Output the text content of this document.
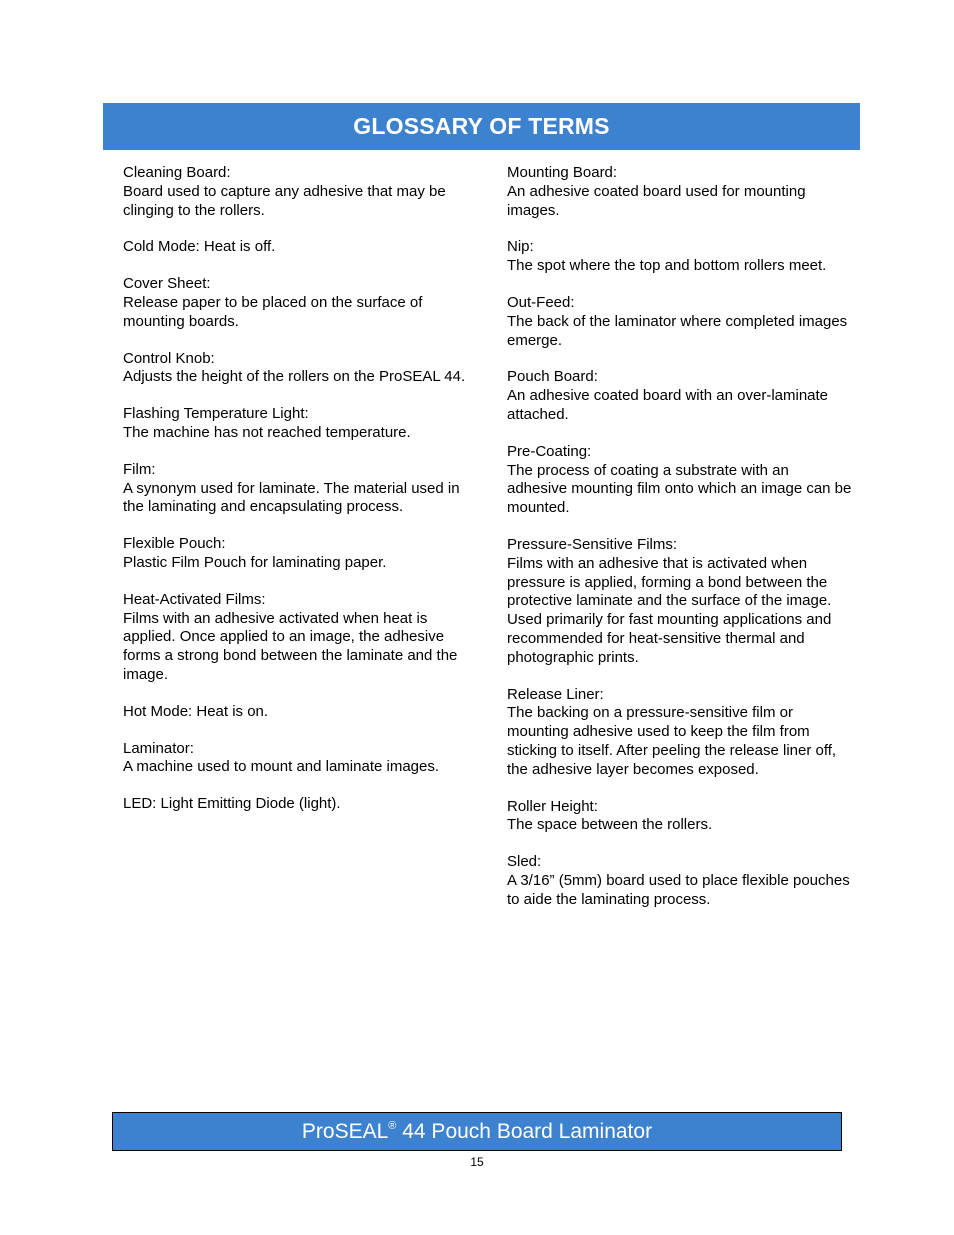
GLOSSARY OF TERMS
Cleaning Board:
Board used to capture any adhesive that may be clinging to the rollers.
Cold Mode: Heat is off.
Cover Sheet:
Release paper to be placed on the surface of mounting boards.
Control Knob:
Adjusts the height of the rollers on the ProSEAL 44.
Flashing Temperature Light:
The machine has not reached temperature.
Film:
A synonym used for laminate. The material used in the laminating and encapsulating process.
Flexible Pouch:
Plastic Film Pouch for laminating paper.
Heat-Activated Films:
Films with an adhesive activated when heat is applied. Once applied to an image, the adhesive forms a strong bond between the laminate and the image.
Hot Mode: Heat is on.
Laminator:
A machine used to mount and laminate images.
LED: Light Emitting Diode (light).
Mounting Board:
An adhesive coated board used for mounting images.
Nip:
The spot where the top and bottom rollers meet.
Out-Feed:
The back of the laminator where completed images emerge.
Pouch Board:
An adhesive coated board with an over-laminate attached.
Pre-Coating:
The process of coating a substrate with an adhesive mounting film onto which an image can be mounted.
Pressure-Sensitive Films:
Films with an adhesive that is activated when pressure is applied, forming a bond between the protective laminate and the surface of the image. Used primarily for fast mounting applications and recommended for heat-sensitive thermal and photographic prints.
Release Liner:
The backing on a pressure-sensitive film or mounting adhesive used to keep the film from sticking to itself. After peeling the release liner off, the adhesive layer becomes exposed.
Roller Height:
The space between the rollers.
Sled:
A 3/16” (5mm) board used to place flexible pouches to aide the laminating process.
ProSEAL® 44 Pouch Board Laminator
15
